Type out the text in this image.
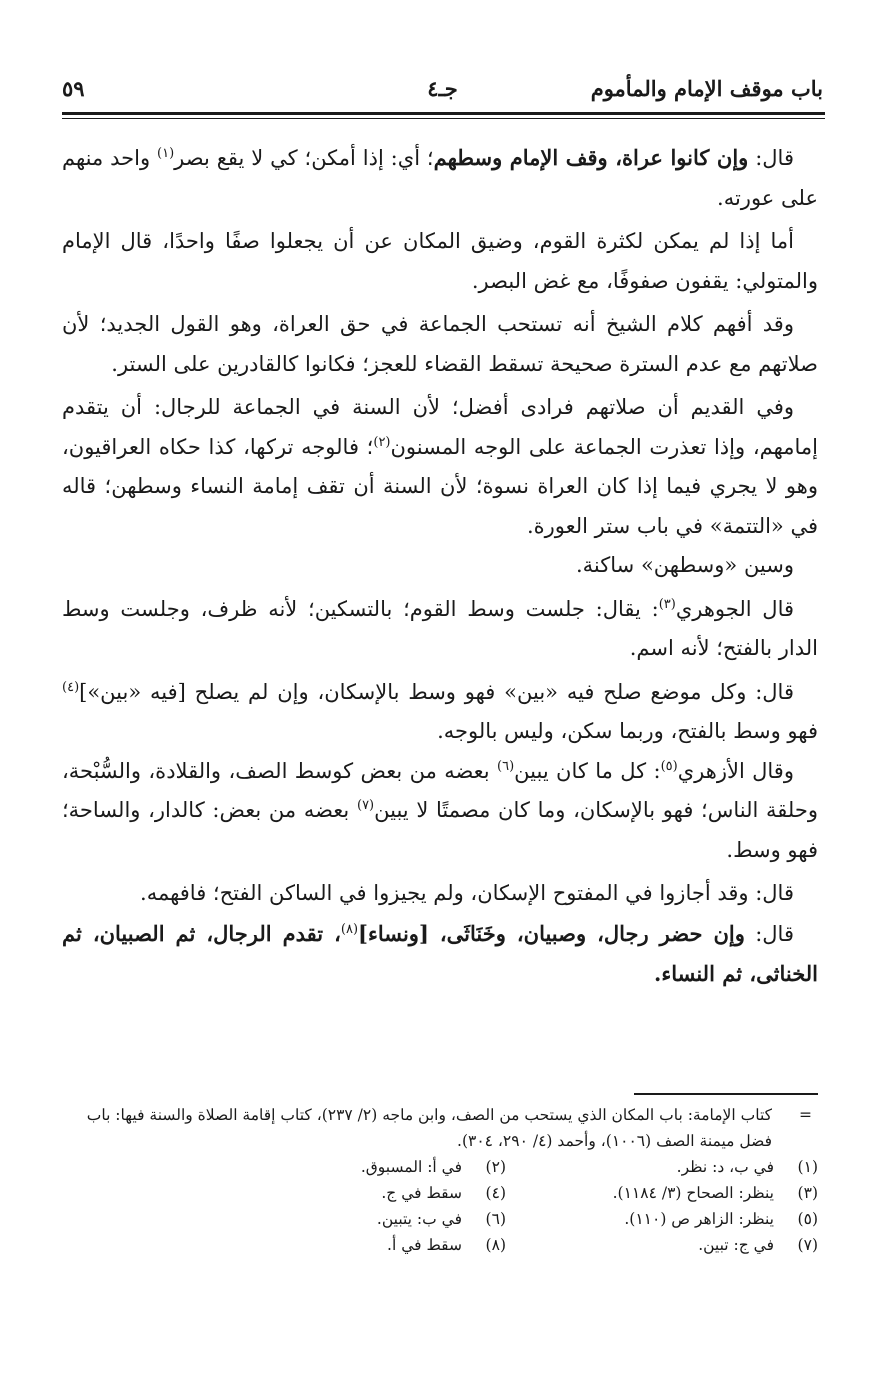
باب موقف الإمام والمأموم
جـ٤
٥٩

قال: وإن كانوا عراة، وقف الإمام وسطهم؛ أي: إذا أمكن؛ كي لا يقع بصر$^{(١)}$ واحد منهم على عورته.

أما إذا لم يمكن لكثرة القوم، وضيق المكان عن أن يجعلوا صفًا واحدًا، قال الإمام والمتولي: يقفون صفوفًا، مع غض البصر.

وقد أفهم كلام الشيخ أنه تستحب الجماعة في حق العراة، وهو القول الجديد؛ لأن صلاتهم مع عدم السترة صحيحة تسقط القضاء للعجز؛ فكانوا كالقادرين على الستر.

وفي القديم أن صلاتهم فرادى أفضل؛ لأن السنة في الجماعة للرجال: أن يتقدم إمامهم، وإذا تعذرت الجماعة على الوجه المسنون$^{(٢)}$؛ فالوجه تركها، كذا حكاه العراقيون، وهو لا يجري فيما إذا كان العراة نسوة؛ لأن السنة أن تقف إمامة النساء وسطهن؛ قاله في «التتمة» في باب ستر العورة.

وسين «وسطهن» ساكنة.

قال الجوهري$^{(٣)}$: يقال: جلست وسط القوم؛ بالتسكين؛ لأنه ظرف، وجلست وسط الدار بالفتح؛ لأنه اسم.

قال: وكل موضع صلح فيه «بين» فهو وسط بالإسكان، وإن لم يصلح [فيه «بين»]$^{(٤)}$ فهو وسط بالفتح، وربما سكن، وليس بالوجه.

وقال الأزهري$^{(٥)}$: كل ما كان يبين$^{(٦)}$ بعضه من بعض كوسط الصف، والقلادة، والسُّبْحة، وحلقة الناس؛ فهو بالإسكان، وما كان مصمتًا لا يبين$^{(٧)}$ بعضه من بعض: كالدار، والساحة؛ فهو وسط.

قال: وقد أجازوا في المفتوح الإسكان، ولم يجيزوا في الساكن الفتح؛ فافهمه.

قال: وإن حضر رجال، وصبيان، وخَنَاثَى، [ونساء]$^{(٨)}$، تقدم الرجال، ثم الصبيان، ثم الخناثى، ثم النساء.

=
كتاب الإمامة: باب المكان الذي يستحب من الصف، وابن ماجه (٢/ ٢٣٧)، كتاب إقامة الصلاة والسنة فيها: باب فضل ميمنة الصف (١٠٠٦)، وأحمد (٤/ ٢٩٠، ٣٠٤).
(١)في ب، د: نظر.
(٢)في أ: المسبوق.
(٣)ينظر: الصحاح (٣/ ١١٨٤).
(٤)سقط في ج.
(٥)ينظر: الزاهر ص (١١٠).
(٦)في ب: يتبين.
(٧)في ج: تبين.
(٨)سقط في أ.
